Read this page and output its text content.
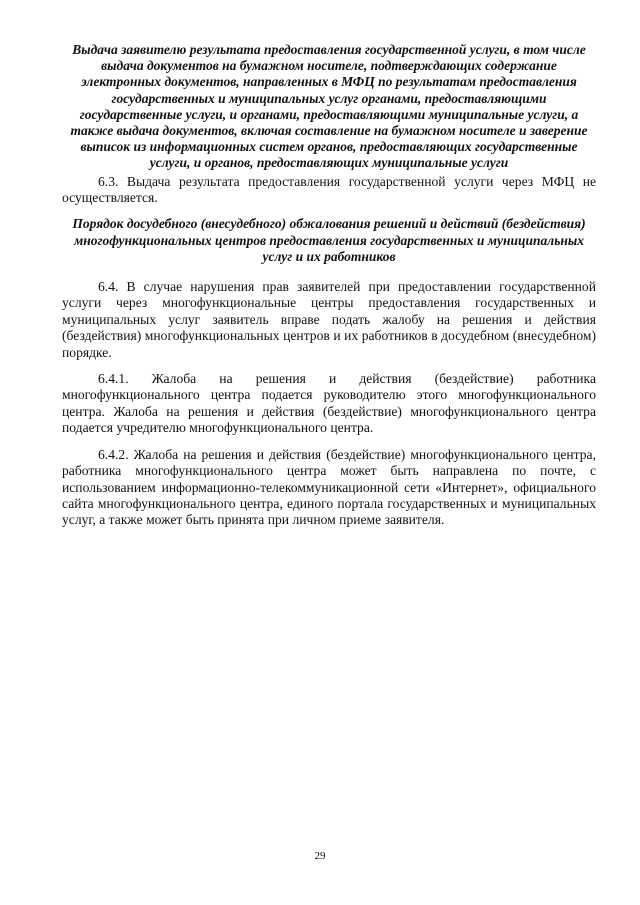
Выдача заявителю результата предоставления государственной услуги, в том числе выдача документов на бумажном носителе, подтверждающих содержание электронных документов, направленных в МФЦ по результатам предоставления государственных и муниципальных услуг органами, предоставляющими государственные услуги, и органами, предоставляющими муниципальные услуги, а также выдача документов, включая составление на бумажном носителе и заверение выписок из информационных систем органов, предоставляющих государственные услуги, и органов, предоставляющих муниципальные услуги

6.3. Выдача результата предоставления государственной услуги через МФЦ не осуществляется.

Порядок досудебного (внесудебного) обжалования решений и действий (бездействия) многофункциональных центров предоставления государственных и муниципальных услуг и их работников

6.4. В случае нарушения прав заявителей при предоставлении государственной услуги через многофункциональные центры предоставления государственных и муниципальных услуг заявитель вправе подать жалобу на решения и действия (бездействия) многофункциональных центров и их работников в досудебном (внесудебном) порядке.

6.4.1. Жалоба на решения и действия (бездействие) работника многофункционального центра подается руководителю этого многофункционального центра. Жалоба на решения и действия (бездействие) многофункционального центра подается учредителю многофункционального центра.

6.4.2. Жалоба на решения и действия (бездействие) многофункционального центра, работника многофункционального центра может быть направлена по почте, с использованием информационно-телекоммуникационной сети «Интернет», официального сайта многофункционального центра, единого портала государственных и муниципальных услуг, а также может быть принята при личном приеме заявителя.

29
